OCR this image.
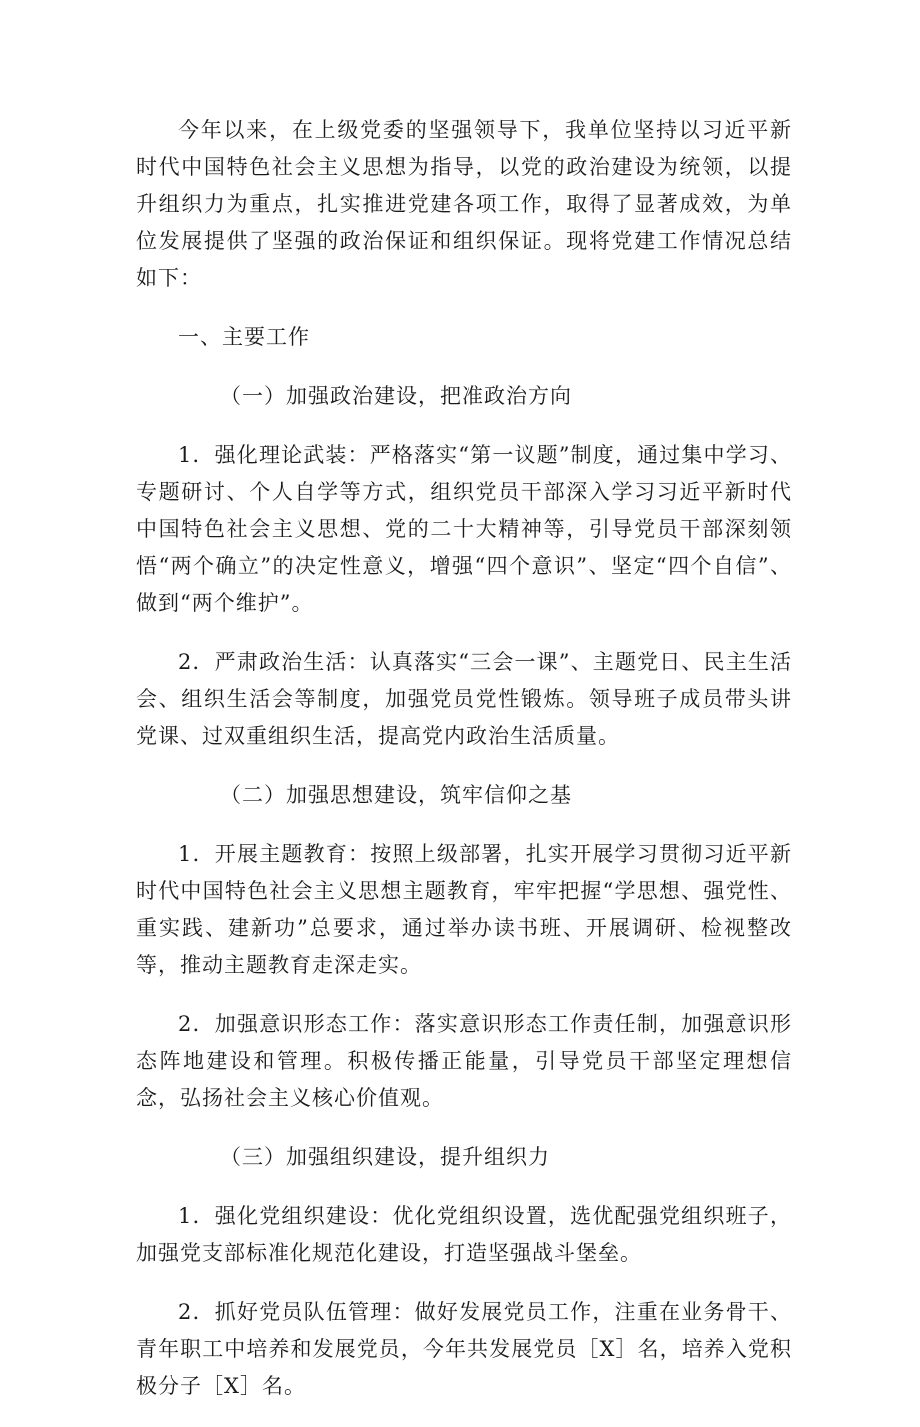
今年以来，在上级党委的坚强领导下，我单位坚持以习近平新时代中国特色社会主义思想为指导，以党的政治建设为统领，以提升组织力为重点，扎实推进党建各项工作，取得了显著成效，为单位发展提供了坚强的政治保证和组织保证。现将党建工作情况总结如下：

一、主要工作

（一）加强政治建设，把准政治方向

1．强化理论武装：严格落实“第一议题”制度，通过集中学习、专题研讨、个人自学等方式，组织党员干部深入学习习近平新时代中国特色社会主义思想、党的二十大精神等，引导党员干部深刻领悟“两个确立”的决定性意义，增强“四个意识”、坚定“四个自信”、做到“两个维护”。

2．严肃政治生活：认真落实“三会一课”、主题党日、民主生活会、组织生活会等制度，加强党员党性锻炼。领导班子成员带头讲党课、过双重组织生活，提高党内政治生活质量。

（二）加强思想建设，筑牢信仰之基

1．开展主题教育：按照上级部署，扎实开展学习贯彻习近平新时代中国特色社会主义思想主题教育，牢牢把握“学思想、强党性、重实践、建新功”总要求，通过举办读书班、开展调研、检视整改等，推动主题教育走深走实。

2．加强意识形态工作：落实意识形态工作责任制，加强意识形态阵地建设和管理。积极传播正能量，引导党员干部坚定理想信念，弘扬社会主义核心价值观。

（三）加强组织建设，提升组织力

1．强化党组织建设：优化党组织设置，选优配强党组织班子，加强党支部标准化规范化建设，打造坚强战斗堡垒。

2．抓好党员队伍管理：做好发展党员工作，注重在业务骨干、青年职工中培养和发展党员，今年共发展党员［X］名，培养入党积极分子［X］名。
